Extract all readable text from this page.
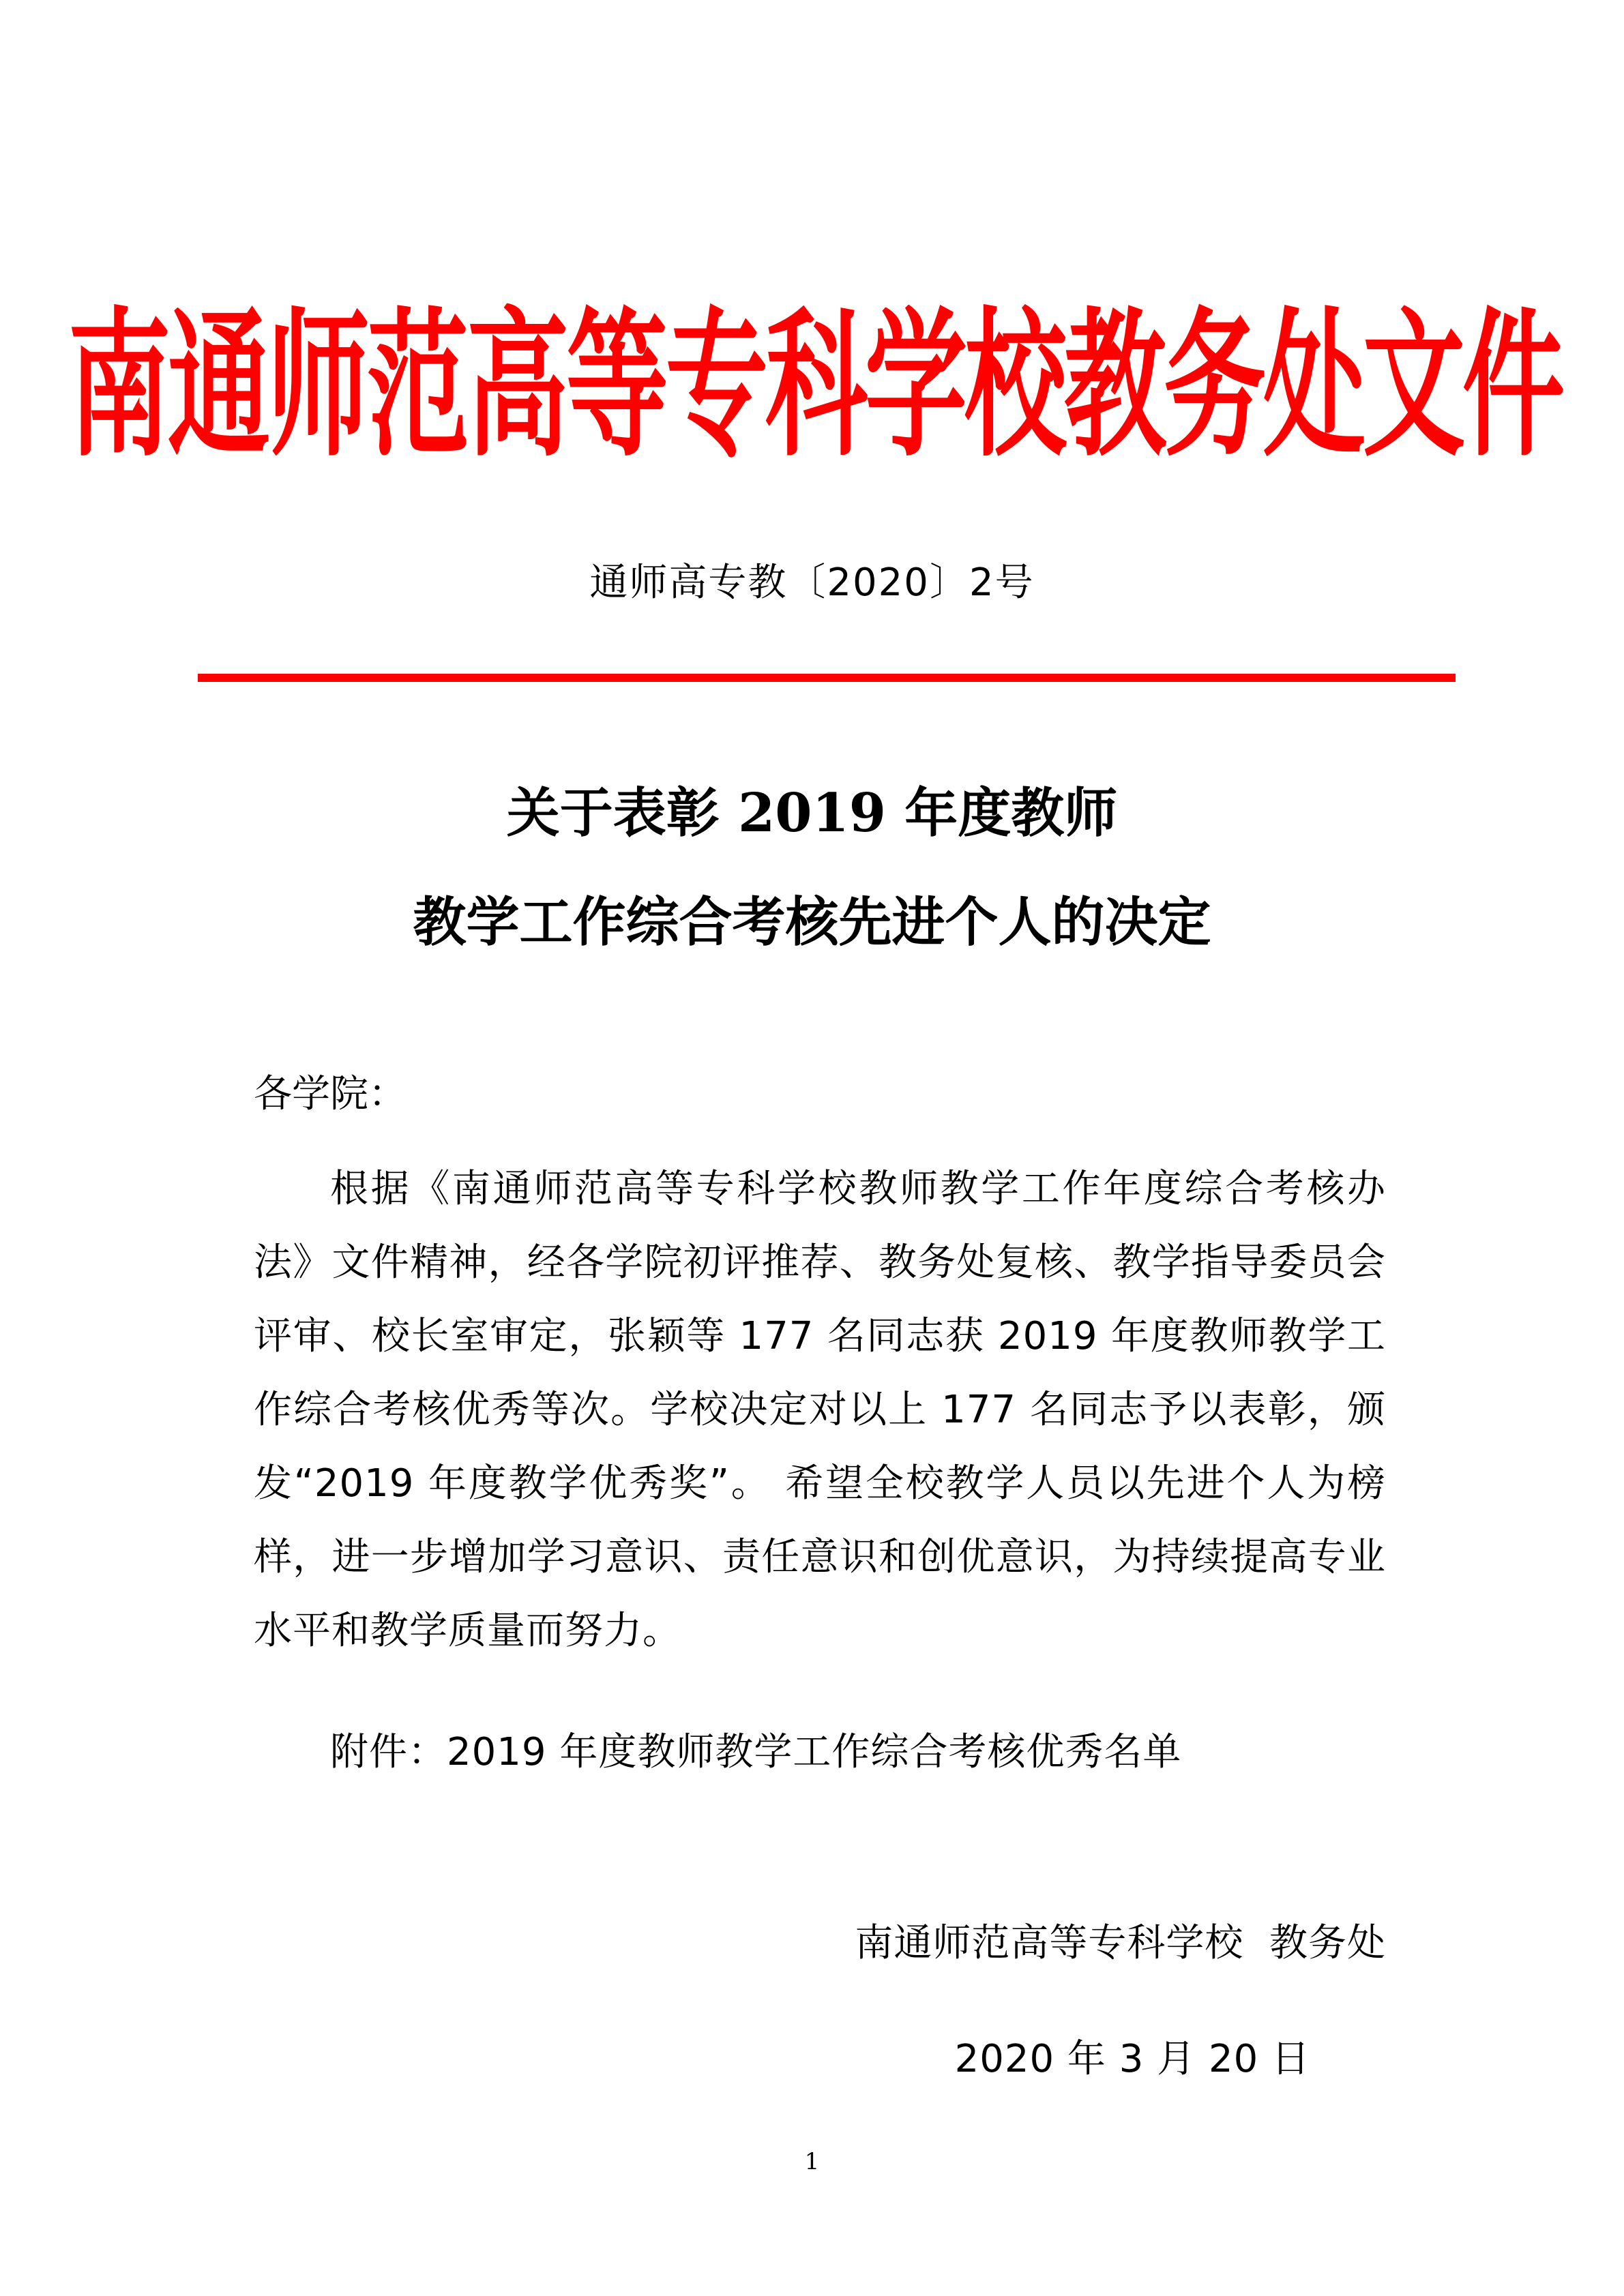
南通师范高等专科学校教务处文件
通师高专教〔2020〕2号
关于表彰 2019 年度教师
教学工作综合考核先进个人的决定
各学院：

根据《南通师范高等专科学校教师教学工作年度综合考核办法》文件精神，经各学院初评推荐、教务处复核、教学指导委员会评审、校长室审定，张颖等 177 名同志获 2019 年度教师教学工作综合考核优秀等次。学校决定对以上 177 名同志予以表彰，颁发“2019 年度教学优秀奖”。 希望全校教学人员以先进个人为榜样，进一步增加学习意识、责任意识和创优意识，为持续提高专业水平和教学质量而努力。

附件：2019 年度教师教学工作综合考核优秀名单
南通师范高等专科学校  教务处
2020 年 3 月 20 日
1
